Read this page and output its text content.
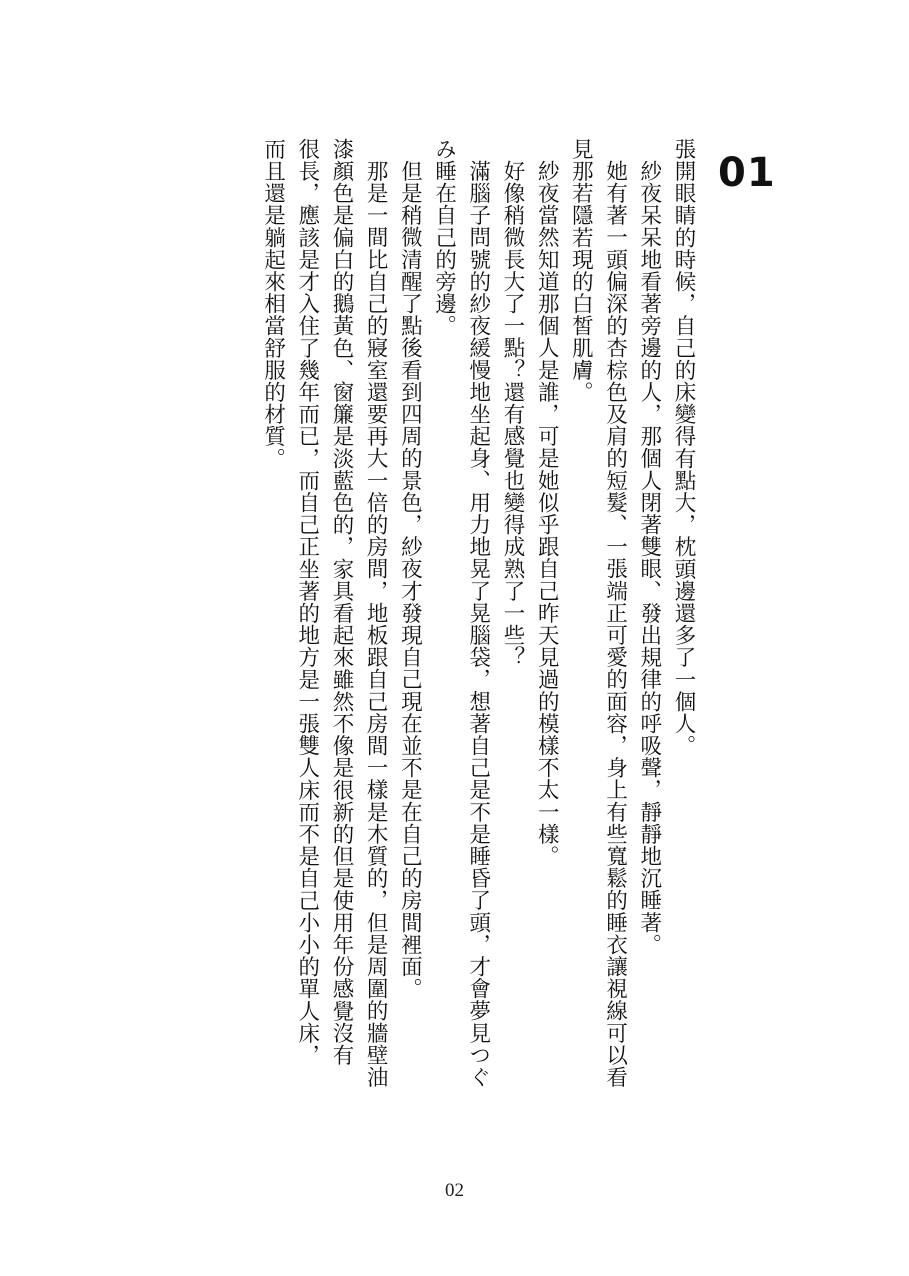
01

張開眼睛的時候，自己的床變得有點大，枕頭邊還多了一個人。

紗夜呆呆地看著旁邊的人，那個人閉著雙眼、發出規律的呼吸聲，靜靜地沉睡著。

她有著一頭偏深的杏棕色及肩的短髮、一張端正可愛的面容，身上有些寬鬆的睡衣讓視線可以看見那若隱若現的白皙肌膚。

紗夜當然知道那個人是誰，可是她似乎跟自己昨天見過的模樣不太一樣。

好像稍微長大了一點？還有感覺也變得成熟了一些？

滿腦子問號的紗夜緩慢地坐起身、用力地晃了晃腦袋，想著自己是不是睡昏了頭，才會夢見つぐみ睡在自己的旁邊。

但是稍微清醒了點後看到四周的景色，紗夜才發現自己現在並不是在自己的房間裡面。

那是一間比自己的寢室還要再大一倍的房間，地板跟自己房間一樣是木質的，但是周圍的牆壁油漆顏色是偏白的鵝黃色、窗簾是淡藍色的，家具看起來雖然不像是很新的但是使用年份感覺沒有很長，應該是才入住了幾年而已，而自己正坐著的地方是一張雙人床而不是自己小小的單人床，而且還是躺起來相當舒服的材質。

02
